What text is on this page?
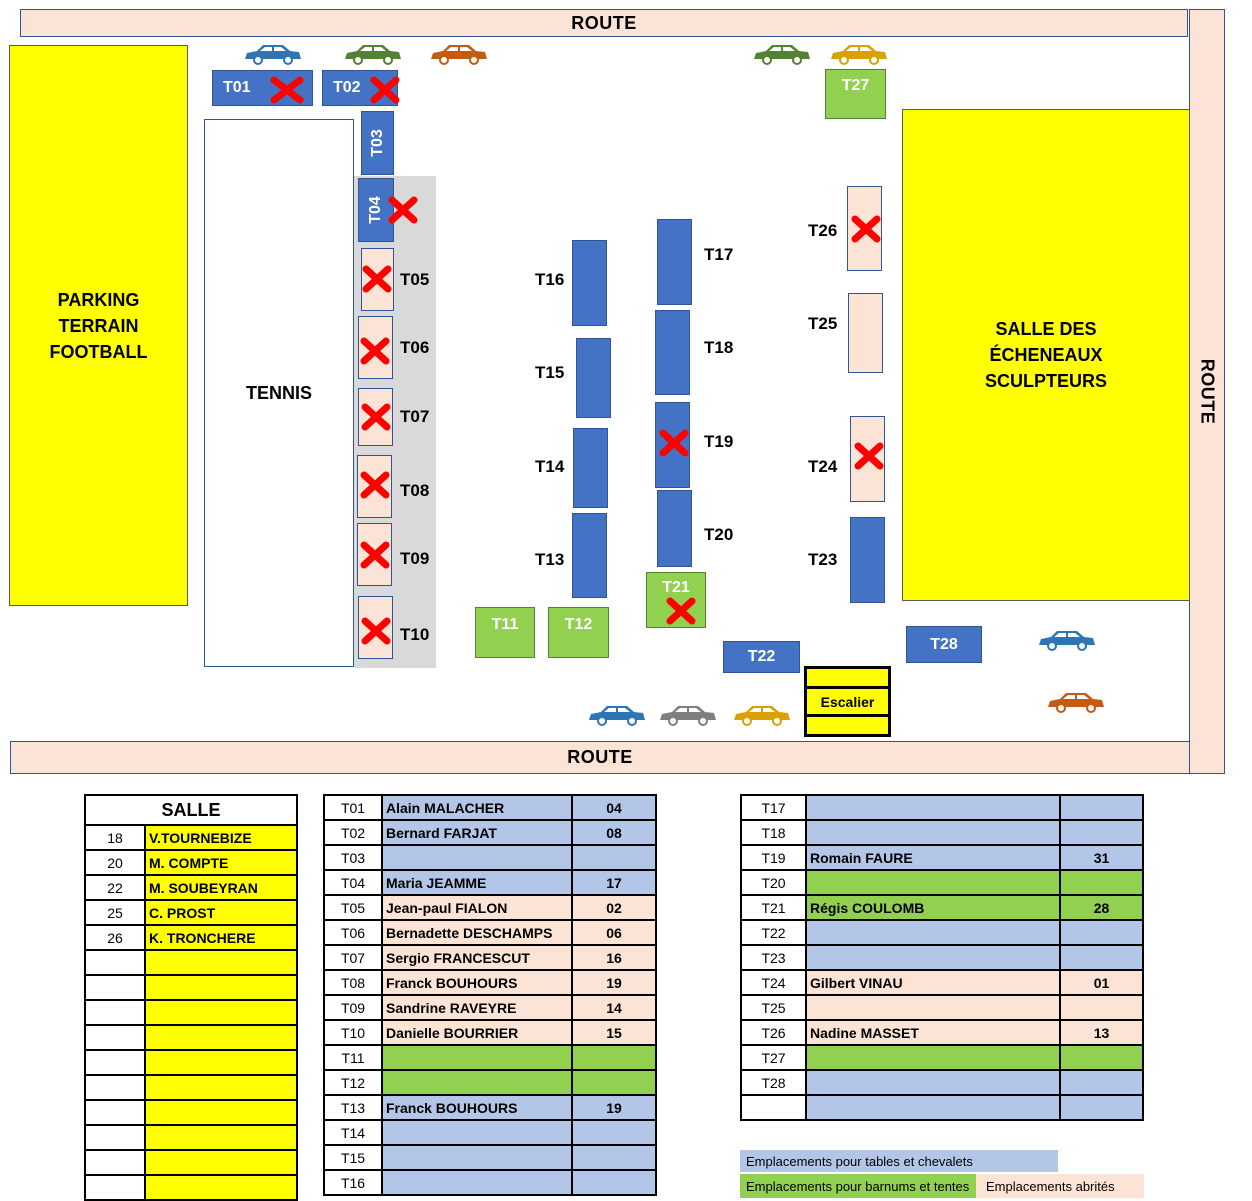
ROUTE
ROUTE
ROUTE
PARKING
TERRAIN
FOOTBALL
TENNIS
SALLE DES
ÉCHENEAUX
SCULPTEURS
Escalier
T01	T02
T03
T04
T05
T06
T07
T08
T09
T10
T11	T12
T13
T14
T15
T16
T17
T18
T19
T20
T21
T22
T23
T24
T25
T26
T27
T28
SALLE	
18	V.TOURNEBIZE
20	M. COMPTE
22	M. SOUBEYRAN
25	C. PROST
26	K. TRONCHERE

T01	Alain MALACHER	04
T02	Bernard FARJAT	08
T03		
T04	Maria JEAMME	17
T05	Jean-paul FIALON	02
T06	Bernadette DESCHAMPS	06
T07	Sergio FRANCESCUT	16
T08	Franck BOUHOURS	19
T09	Sandrine RAVEYRE	14
T10	Danielle BOURRIER	15
T11		
T12		
T13	Franck BOUHOURS	19
T14		
T15		
T16		
T17		
T18		
T19	Romain FAURE	31
T20		
T21	Régis COULOMB	28
T22		
T23		
T24	Gilbert VINAU	01
T25		
T26	Nadine MASSET	13
T27		
T28		

Emplacements pour tables et chevalets
Emplacements pour barnums et tentes	Emplacements abrités
